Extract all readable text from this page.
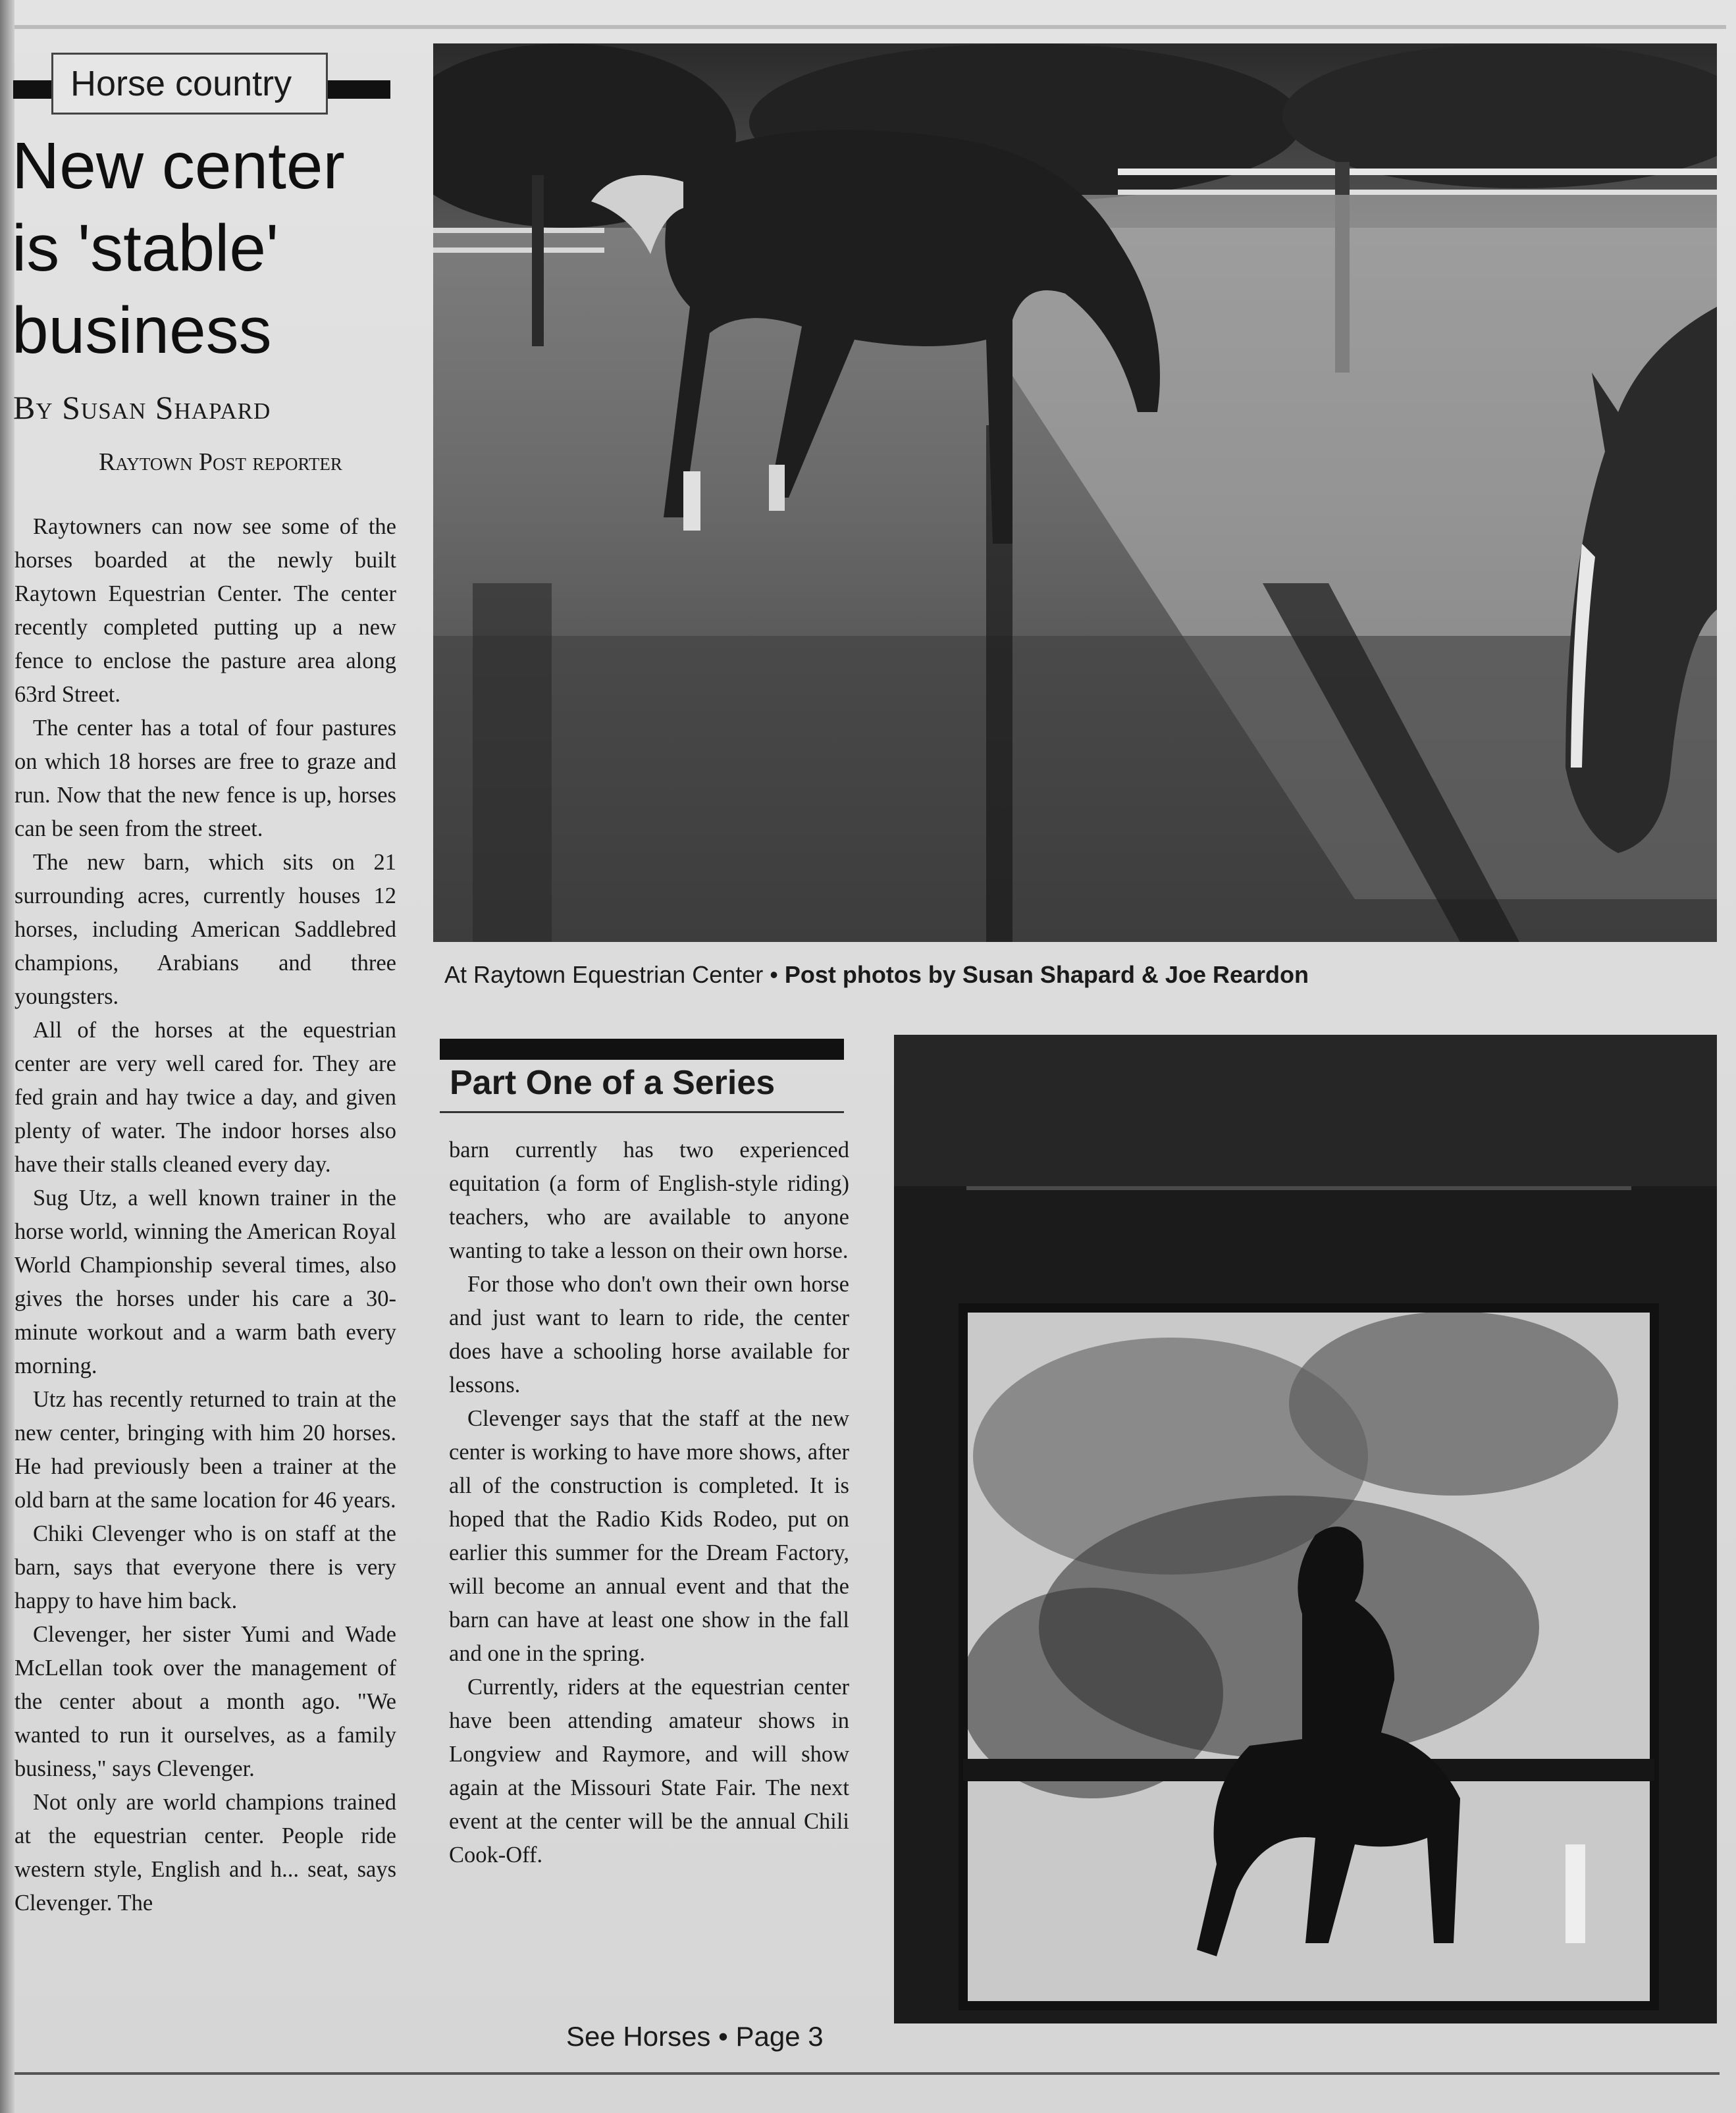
Horse country
New center
is 'stable'
business
By Susan Shapard
Raytown Post reporter

Raytowners can now see some of the horses boarded at the newly built Raytown Equestrian Center. The center recently completed putting up a new fence to enclose the pasture area along 63rd Street.

The center has a total of four pastures on which 18 horses are free to graze and run. Now that the new fence is up, horses can be seen from the street.

The new barn, which sits on 21 surrounding acres, currently houses 12 horses, including American Saddlebred champions, Arabians and three youngsters.

All of the horses at the equestrian center are very well cared for. They are fed grain and hay twice a day, and given plenty of water. The indoor horses also have their stalls cleaned every day.

Sug Utz, a well known trainer in the horse world, winning the American Royal World Championship several times, also gives the horses under his care a 30-minute workout and a warm bath every morning.

Utz has recently returned to train at the new center, bringing with him 20 horses. He had previously been a trainer at the old barn at the same location for 46 years.

Chiki Clevenger who is on staff at the barn, says that everyone there is very happy to have him back.

Clevenger, her sister Yumi and Wade McLellan took over the management of the center about a month ago. "We wanted to run it ourselves, as a family business," says Clevenger.

Not only are world champions trained at the equestrian center. People ride western style, English and h... seat, says Clevenger. The

At Raytown Equestrian Center • Post photos by Susan Shapard & Joe Reardon
Part One of a Series

barn currently has two experienced equitation (a form of English-style riding) teachers, who are available to anyone wanting to take a lesson on their own horse.

For those who don't own their own horse and just want to learn to ride, the center does have a schooling horse available for lessons.

Clevenger says that the staff at the new center is working to have more shows, after all of the construction is completed. It is hoped that the Radio Kids Rodeo, put on earlier this summer for the Dream Factory, will become an annual event and that the barn can have at least one show in the fall and one in the spring.

Currently, riders at the equestrian center have been attending amateur shows in Longview and Raymore, and will show again at the Missouri State Fair. The next event at the center will be the annual Chili Cook-Off.

See Horses • Page 3
